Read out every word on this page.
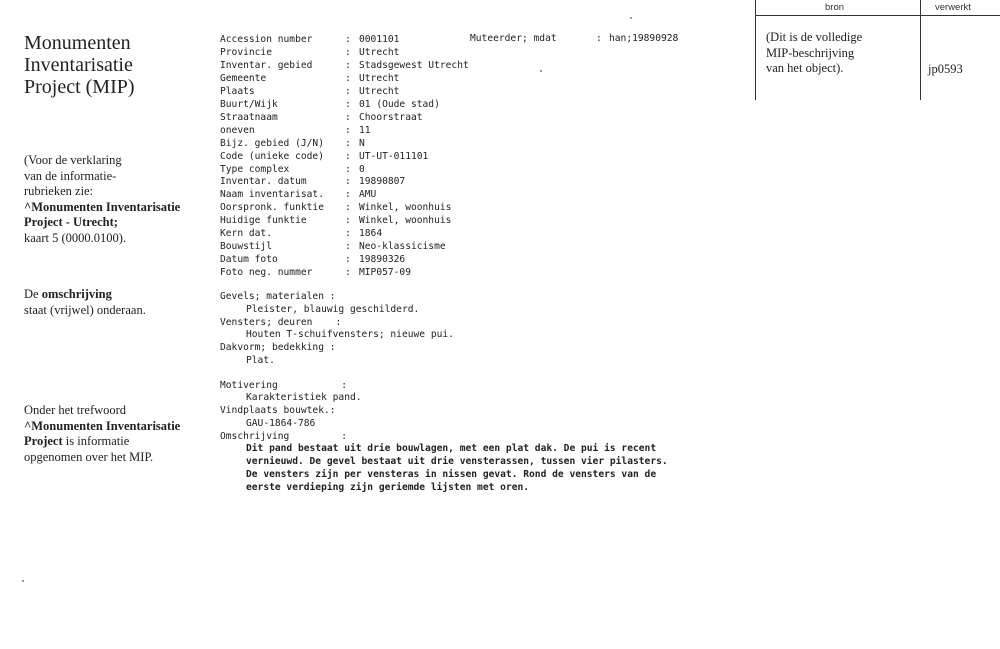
Monumenten
Inventarisatie
Project (MIP)
(Voor de verklaring
van de informatie-
rubrieken zie:
^Monumenten Inventarisatie
Project - Utrecht;
kaart 5 (0000.0100).
De omschrijving
staat (vrijwel) onderaan.
Onder het trefwoord
^Monumenten Inventarisatie
Project is informatie
opgenomen over het MIP.
Accession number	: 0001101
Provincie	: Utrecht
Inventar. gebied	: Stadsgewest Utrecht
Gemeente	: Utrecht
Plaats	: Utrecht
Buurt/Wijk	: 01 (Oude stad)
Straatnaam	: Choorstraat
oneven	: 11
Bijz. gebied (J/N)	: N
Code (unieke code)	: UT-UT-011101
Type complex	: 0
Inventar. datum	: 19890807
Naam inventarisat.	: AMU
Oorspronk. funktie	: Winkel, woonhuis
Huidige funktie	: Winkel, woonhuis
Kern dat.	: 1864
Bouwstijl	: Neo-klassicisme
Datum foto	: 19890326
Foto neg. nummer	: MIP057-09
Muteerder; mdat	: han;19890928
Gevels; materialen :
Pleister, blauwig geschilderd.
Vensters; deuren    :
Houten T-schuifvensters; nieuwe pui.
Dakvorm; bedekking :
Plat.
Motivering           :
Karakteristiek pand.
Vindplaats bouwtek.:
GAU-1864-786
Omschrijving         :
Dit pand bestaat uit drie bouwlagen, met een plat dak. De pui is recent
vernieuwd. De gevel bestaat uit drie vensterassen, tussen vier pilasters.
De vensters zijn per vensteras in nissen gevat. Rond de vensters van de
eerste verdieping zijn geriemde lijsten met oren.
bron	verwerkt
(Dit is de volledige
MIP-beschrijving
van het object).	jp0593
